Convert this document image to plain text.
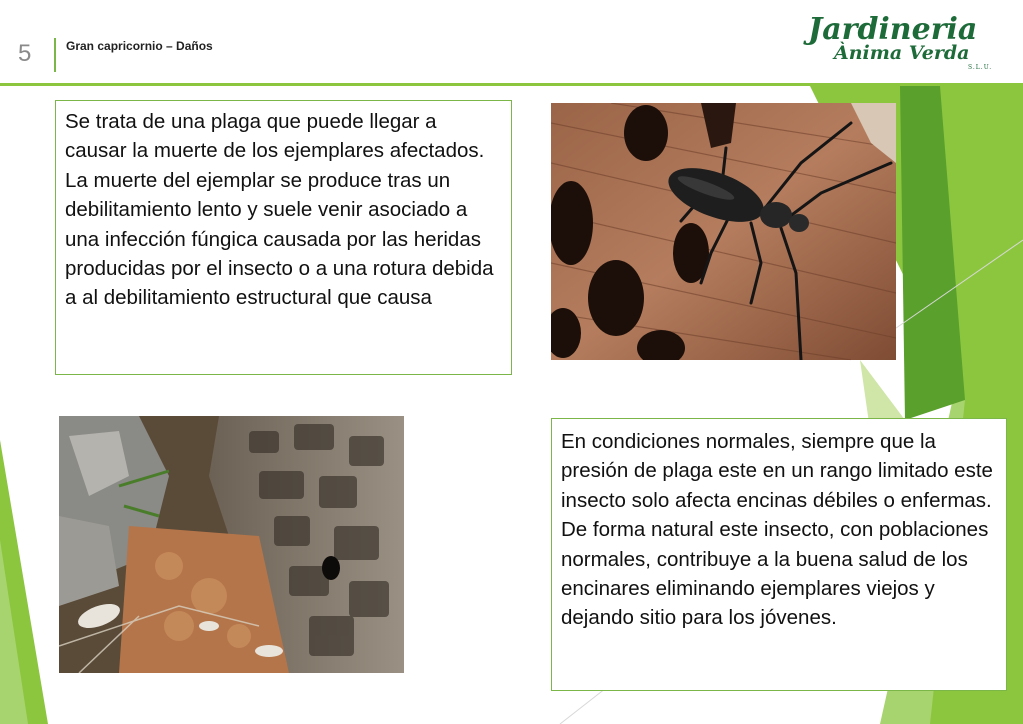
5	Gran capricornio – Daños	Jardineria
Ànima Verda
S.L.U.

Se trata de una plaga que puede llegar a causar la muerte de los ejemplares afectados.

La muerte del ejemplar se produce tras un debilitamiento lento y suele venir asociado a una infección fúngica causada por las heridas producidas por el insecto o a una rotura debida a al debilitamiento estructural que causa

En condiciones normales, siempre que la presión de plaga este en un rango limitado este insecto solo afecta encinas débiles o enfermas.

De forma natural este insecto, con poblaciones normales, contribuye a la buena salud de los encinares eliminando ejemplares viejos y dejando sitio para los jóvenes.
